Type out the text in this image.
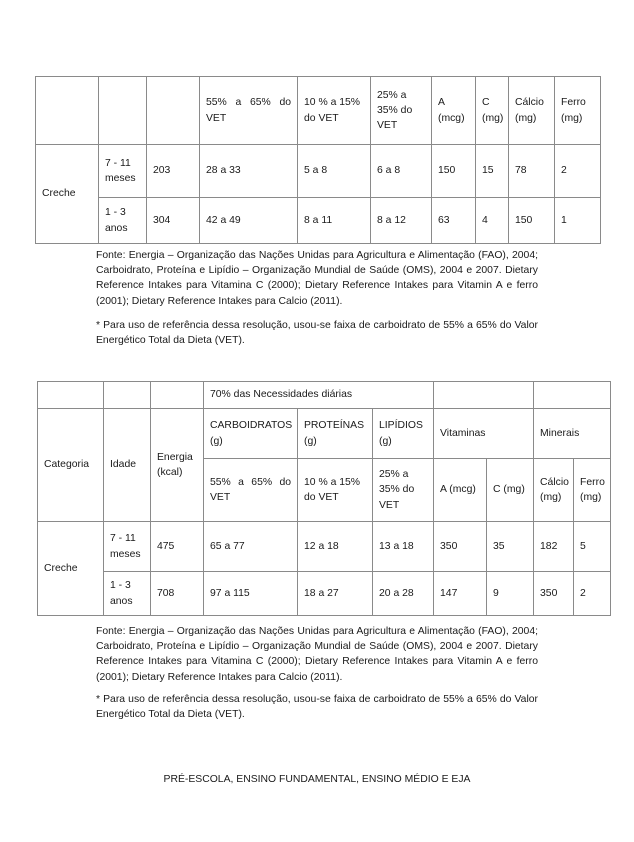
			55% a 65% do VET	10 % a 15% do VET	25% a 35% do VET	A (mcg)	C (mg)	Cálcio (mg)	Ferro (mg)
Creche	7 - 11 meses	203	28 a 33	5 a 8	6 a 8	150	15	78	2
	1 - 3 anos	304	42 a 49	8 a 11	8 a 12	63	4	150	1

Fonte: Energia – Organização das Nações Unidas para Agricultura e Alimentação (FAO), 2004; Carboidrato, Proteína e Lipídio – Organização Mundial de Saúde (OMS), 2004 e 2007. Dietary Reference Intakes para Vitamina C (2000); Dietary Reference Intakes para Vitamin A e ferro (2001); Dietary Reference Intakes para Calcio (2011).

* Para uso de referência dessa resolução, usou-se faixa de carboidrato de 55% a 65% do Valor Energético Total da Dieta (VET).

			70% das Necessidades diárias						
Categoria	Idade	Energia (kcal)	CARBOIDRATOS (g)	PROTEÍNAS (g)	LIPÍDIOS (g)	Vitaminas		Minerais	

			55% a 65% do VET	10 % a 15% do VET	25% a 35% do VET	A (mcg)	C (mg)	Cálcio (mg)	Ferro (mg)
Creche	7 - 11 meses	475	65 a 77	12 a 18	13 a 18	350	35	182	5
	1 - 3 anos	708	97 a 115	18 a 27	20 a 28	147	9	350	2

Fonte: Energia – Organização das Nações Unidas para Agricultura e Alimentação (FAO), 2004; Carboidrato, Proteína e Lipídio – Organização Mundial de Saúde (OMS), 2004 e 2007. Dietary Reference Intakes para Vitamina C (2000); Dietary Reference Intakes para Vitamin A e ferro (2001); Dietary Reference Intakes para Calcio (2011).

* Para uso de referência dessa resolução, usou-se faixa de carboidrato de 55% a 65% do Valor Energético Total da Dieta (VET).

PRÉ-ESCOLA, ENSINO FUNDAMENTAL, ENSINO MÉDIO E EJA
